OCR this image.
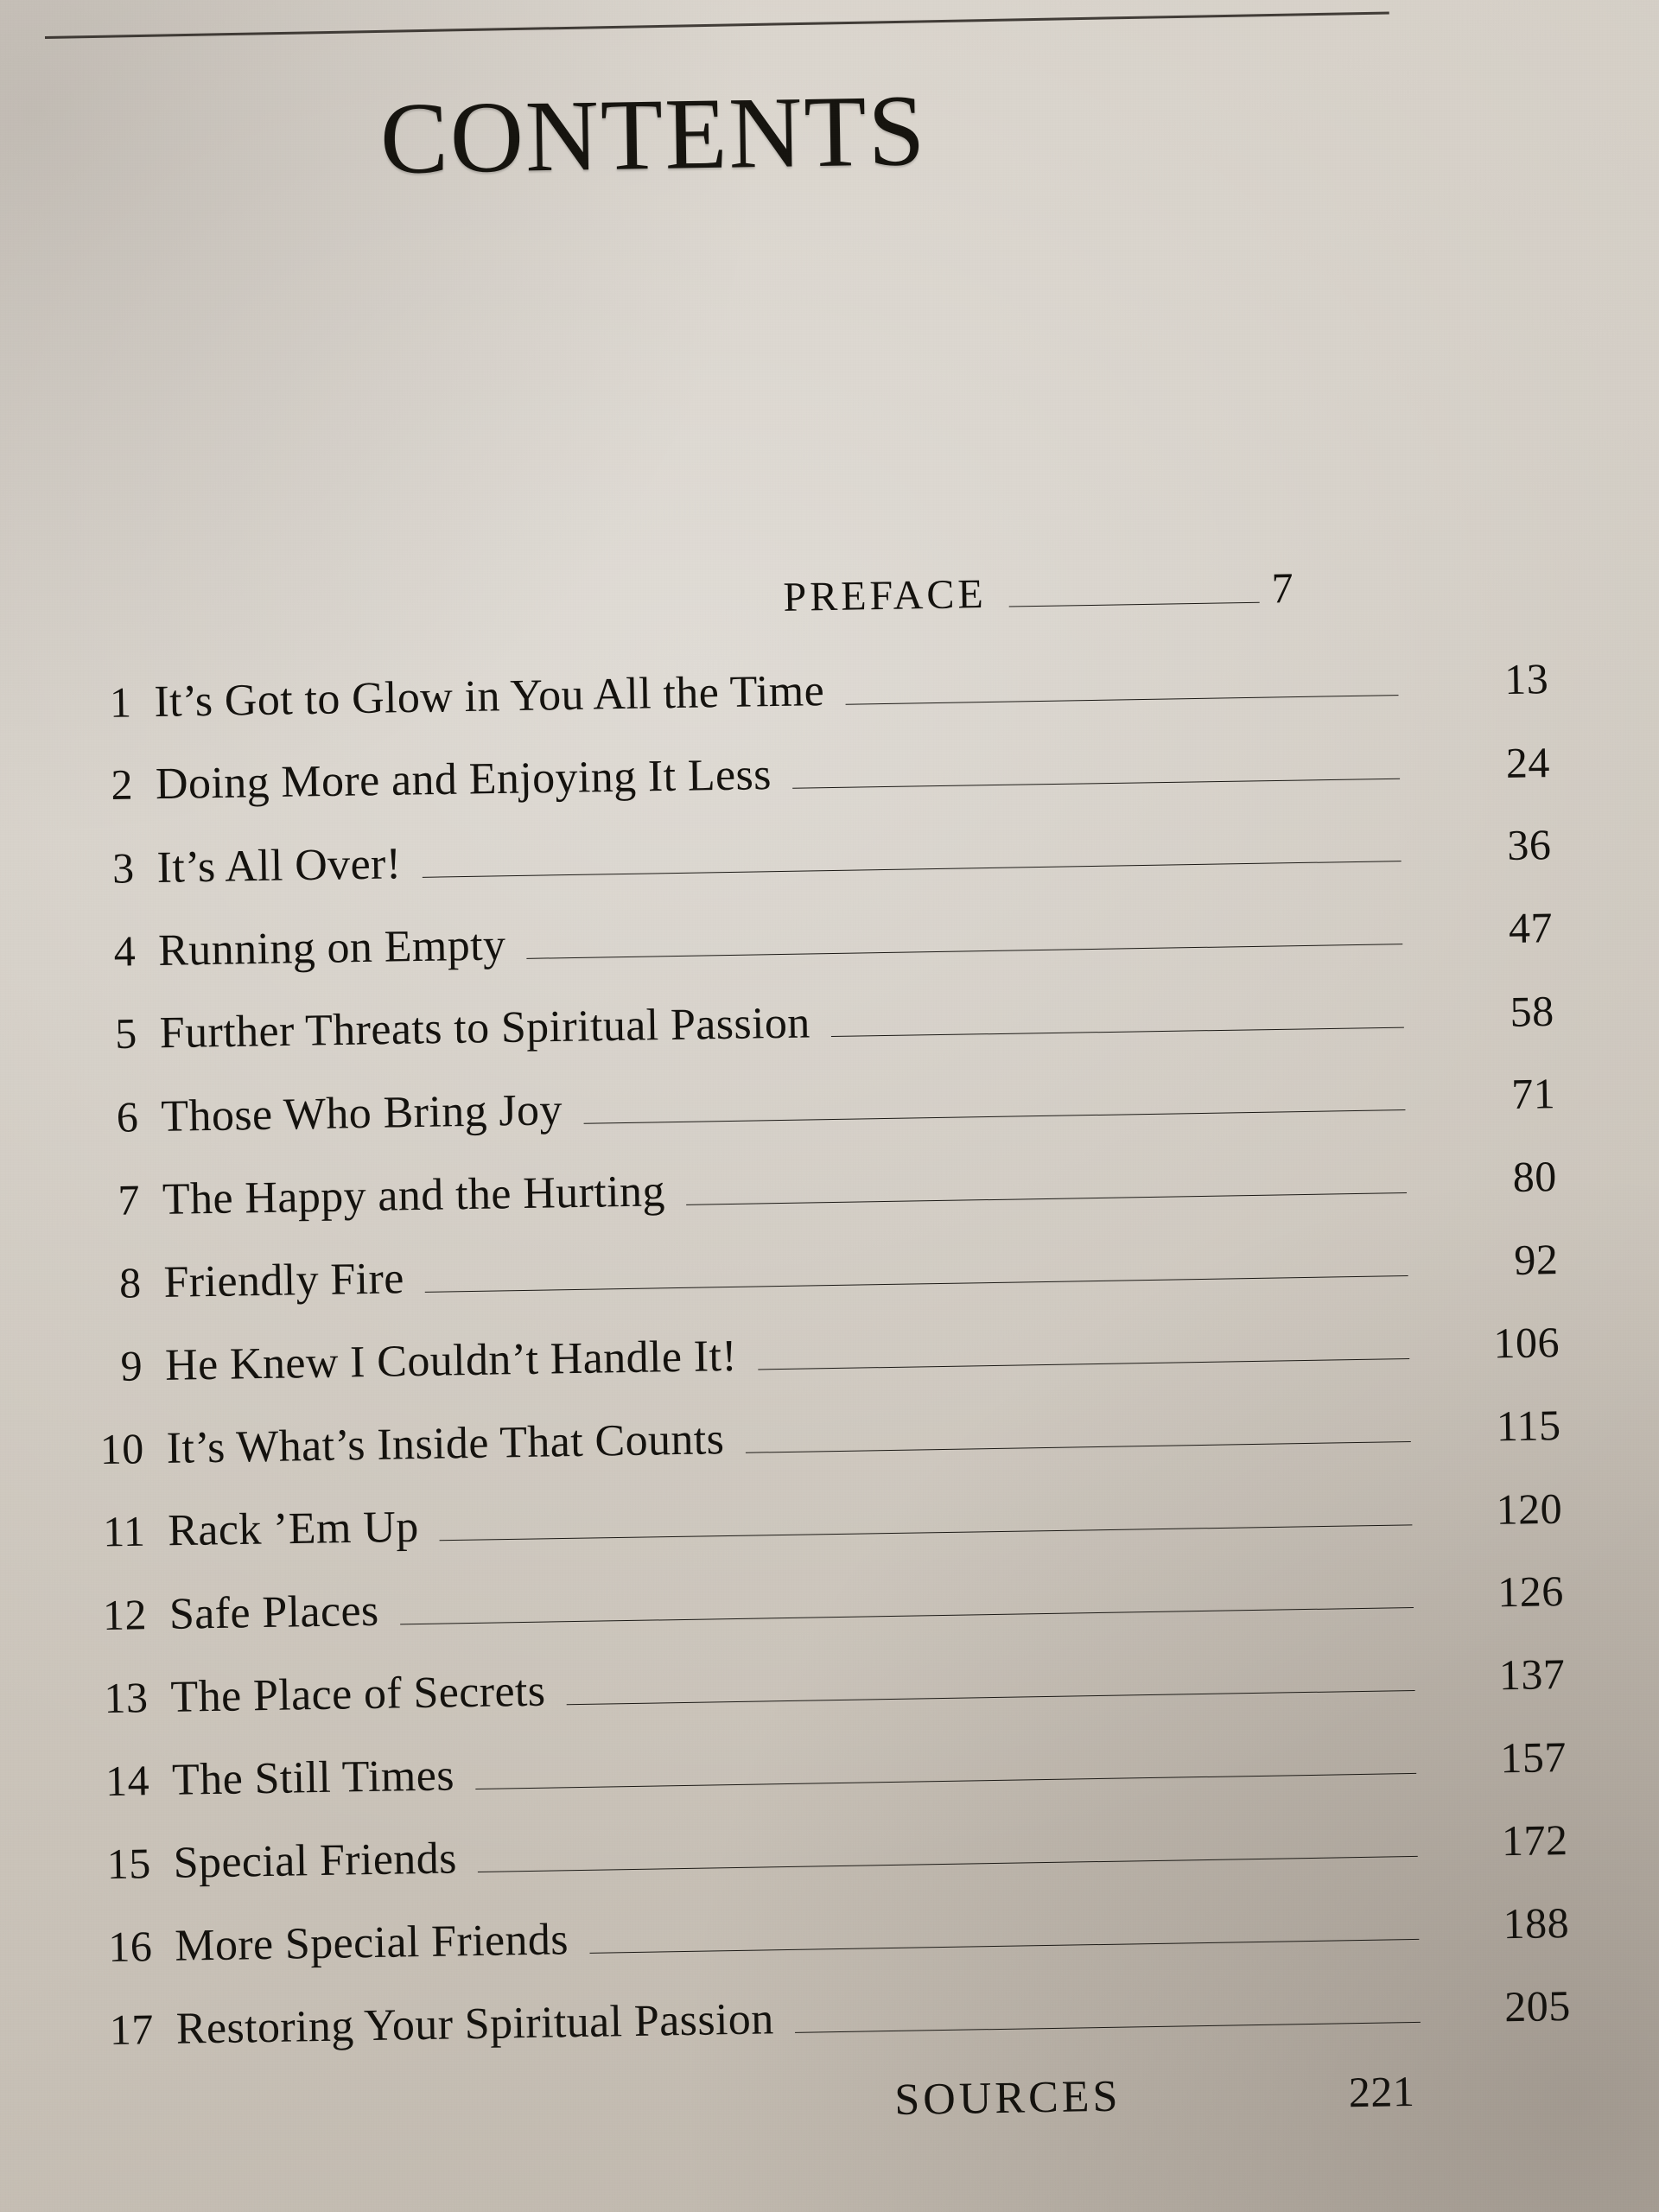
CONTENTS
PREFACE	7
1 It’s Got to Glow in You All the Time	13
2 Doing More and Enjoying It Less	24
3 It’s All Over!	36
4 Running on Empty	47
5 Further Threats to Spiritual Passion	58
6 Those Who Bring Joy	71
7 The Happy and the Hurting	80
8 Friendly Fire	92
9 He Knew I Couldn’t Handle It!	106
10 It’s What’s Inside That Counts	115
11 Rack ’Em Up	120
12 Safe Places	126
13 The Place of Secrets	137
14 The Still Times	157
15 Special Friends	172
16 More Special Friends	188
17 Restoring Your Spiritual Passion	205
SOURCES	221
